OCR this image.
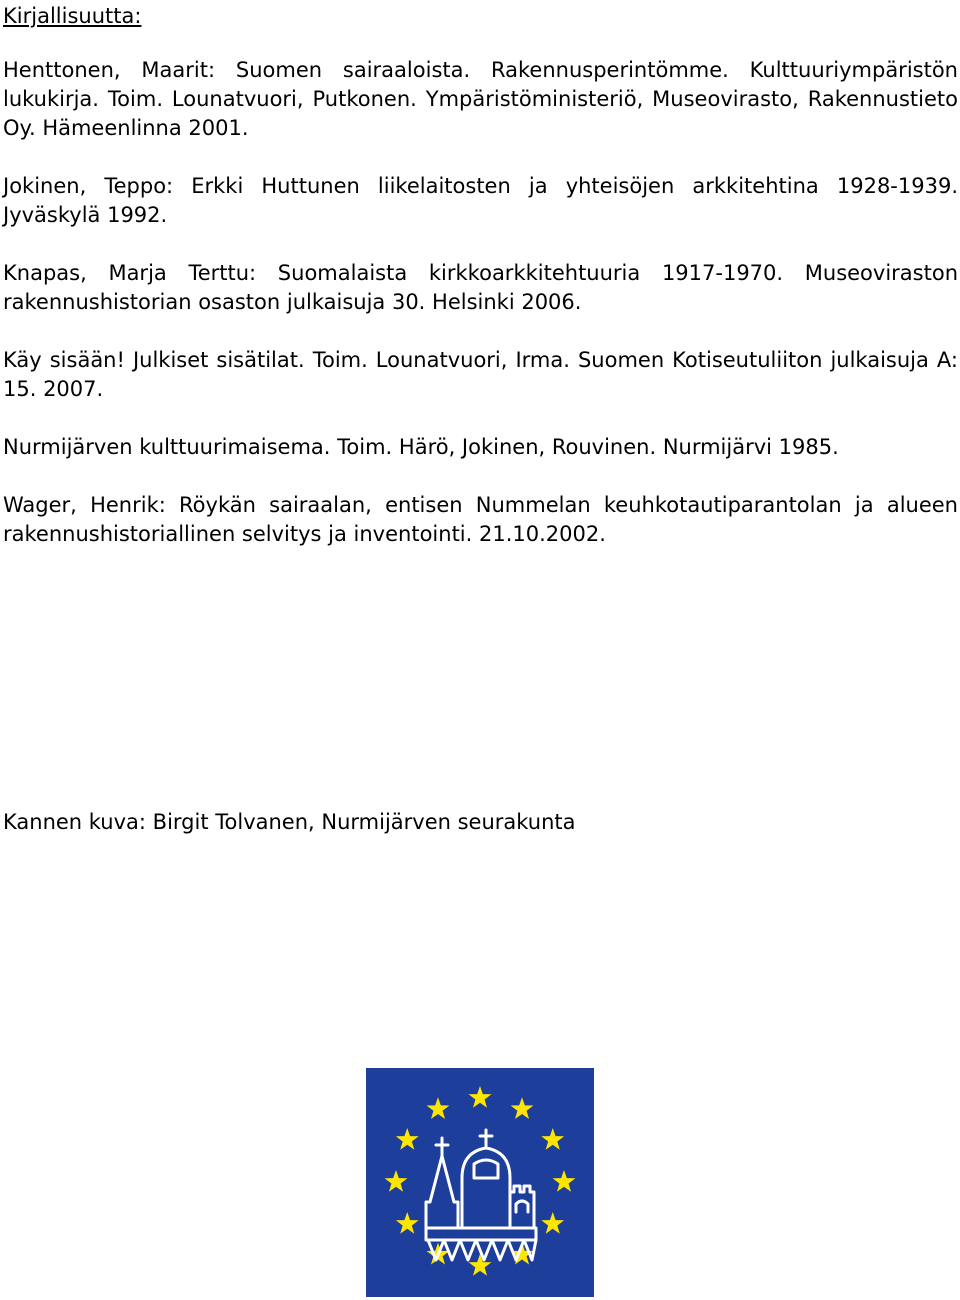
Kirjallisuutta:

Henttonen, Maarit: Suomen sairaaloista. Rakennusperintömme. Kulttuuriympäristön lukukirja. Toim. Lounatvuori, Putkonen. Ympäristöministeriö, Museovirasto, Rakennustieto Oy. Hämeenlinna 2001.

Jokinen, Teppo: Erkki Huttunen liikelaitosten ja yhteisöjen arkkitehtina 1928-1939. Jyväskylä 1992.

Knapas, Marja Terttu: Suomalaista kirkkoarkkitehtuuria 1917-1970. Museoviraston rakennushistorian osaston julkaisuja 30. Helsinki 2006.

Käy sisään! Julkiset sisätilat. Toim. Lounatvuori, Irma. Suomen Kotiseutuliiton julkaisuja A: 15. 2007.

Nurmijärven kulttuurimaisema. Toim. Härö, Jokinen, Rouvinen. Nurmijärvi 1985.

Wager, Henrik: Röykän sairaalan, entisen Nummelan keuhkotautiparantolan ja alueen rakennushistoriallinen selvitys ja inventointi. 21.10.2002.

Kannen kuva: Birgit Tolvanen, Nurmijärven seurakunta
